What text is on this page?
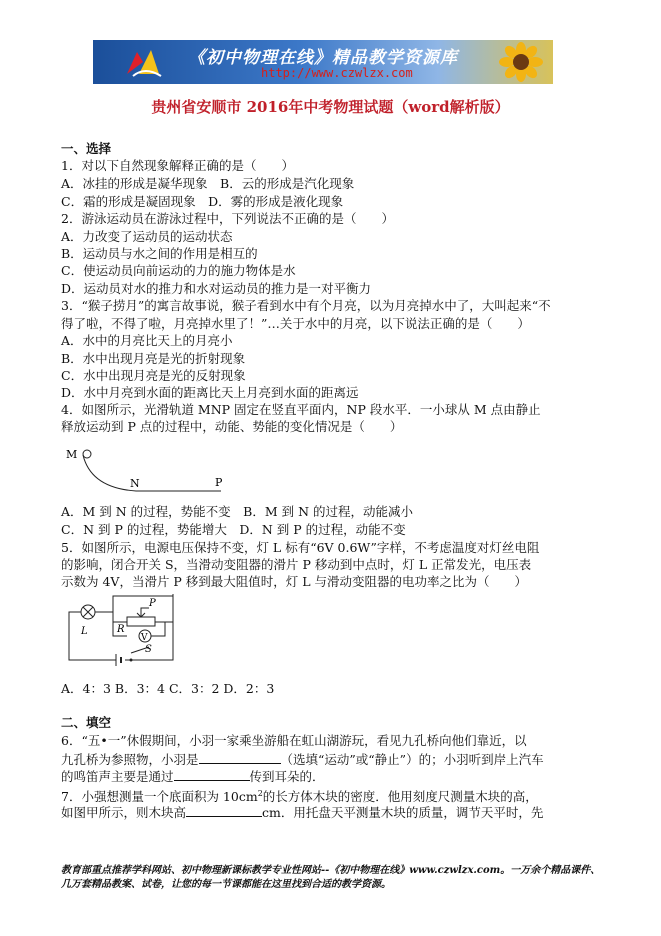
《初中物理在线》精品教学资源库
http://www.czwlzx.com
贵州省安顺市 2016年中考物理试题（word解析版）
一、选择
1．对以下自然现象解释正确的是（　　）
A．冰挂的形成是凝华现象　B．云的形成是汽化现象
C．霜的形成是凝固现象　D．雾的形成是液化现象
2．游泳运动员在游泳过程中，下列说法不正确的是（　　）
A．力改变了运动员的运动状态
B．运动员与水之间的作用是相互的
C．使运动员向前运动的力的施力物体是水
D．运动员对水的推力和水对运动员的推力是一对平衡力
3．“猴子捞月”的寓言故事说，猴子看到水中有个月亮，以为月亮掉水中了，大叫起来“不
得了啦，不得了啦，月亮掉水里了！”…关于水中的月亮，以下说法正确的是（　　）
A．水中的月亮比天上的月亮小
B．水中出现月亮是光的折射现象
C．水中出现月亮是光的反射现象
D．水中月亮到水面的距离比天上月亮到水面的距离远
4．如图所示，光滑轨道 MNP 固定在竖直平面内，NP 段水平．一小球从 M 点由静止
释放运动到 P 点的过程中，动能、势能的变化情况是（　　）
M
N	P
A．M 到 N 的过程，势能不变　B．M 到 N 的过程，动能减小
C．N 到 P 的过程，势能增大　D．N 到 P 的过程，动能不变
5．如图所示，电源电压保持不变，灯 L 标有“6V 0.6W”字样，不考虑温度对灯丝电阻
的影响，闭合开关 S，当滑动变阻器的滑片 P 移动到中点时，灯 L 正常发光，电压表
示数为 4V，当滑片 P 移到最大阻值时，灯 L 与滑动变阻器的电功率之比为（　　）
V
L	R
P
S
A．4：3 B．3：4 C．3：2 D．2：3
二、填空
6．“五•一”休假期间，小羽一家乘坐游船在虹山湖游玩，看见九孔桥向他们靠近，以
九孔桥为参照物，小羽是	（选填“运动”或“静止”）的；小羽听到岸上汽车
的鸣笛声主要是通过	传到耳朵的．
7．小强想测量一个底面积为 $10cm^2$的长方体木块的密度．他用刻度尺测量木块的高，
如图甲所示，则木块高	cm．用托盘天平测量木块的质量，调节天平时，先
教育部重点推荐学科网站、初中物理新课标教学专业性网站--《初中物理在线》www.czwlzx.com。一万余个精品课件、
几万套精品教案、试卷，让您的每一节课都能在这里找到合适的教学资源。
